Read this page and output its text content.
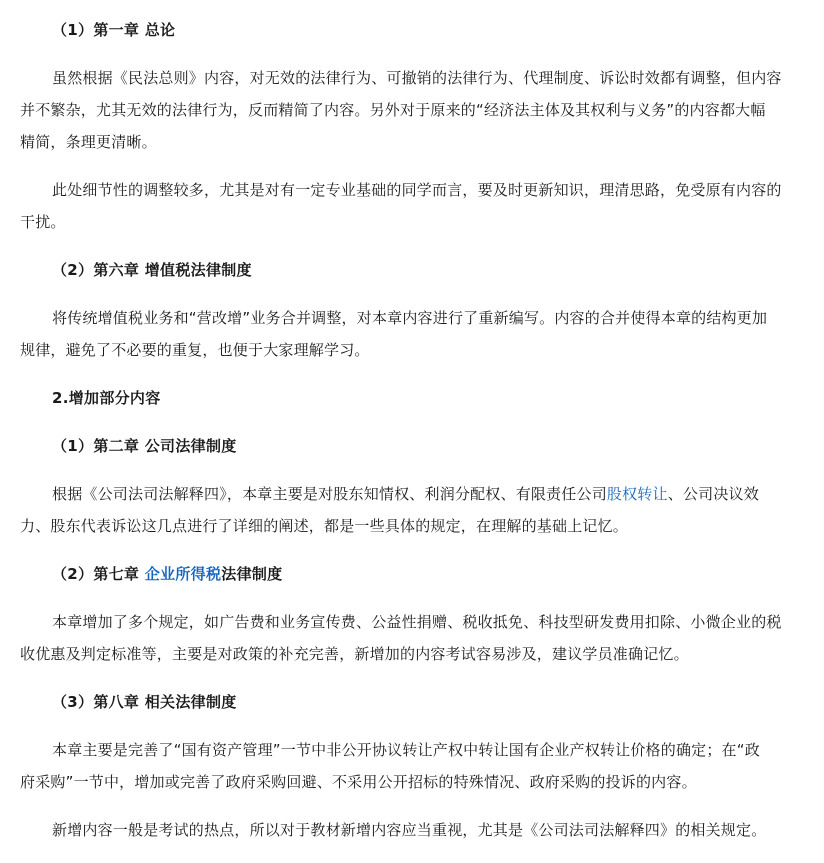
（1）第一章 总论
虽然根据《民法总则》内容，对无效的法律行为、可撤销的法律行为、代理制度、诉讼时效都有调整，但内容
并不繁杂，尤其无效的法律行为，反而精简了内容。另外对于原来的“经济法主体及其权利与义务”的内容都大幅
精简，条理更清晰。
此处细节性的调整较多，尤其是对有一定专业基础的同学而言，要及时更新知识，理清思路，免受原有内容的
干扰。
（2）第六章 增值税法律制度
将传统增值税业务和“营改增”业务合并调整，对本章内容进行了重新编写。内容的合并使得本章的结构更加
规律，避免了不必要的重复，也便于大家理解学习。
2.增加部分内容
（1）第二章 公司法律制度
根据《公司法司法解释四》，本章主要是对股东知情权、利润分配权、有限责任公司股权转让、公司决议效
力、股东代表诉讼这几点进行了详细的阐述，都是一些具体的规定，在理解的基础上记忆。
（2）第七章 企业所得税法律制度
本章增加了多个规定，如广告费和业务宣传费、公益性捐赠、税收抵免、科技型研发费用扣除、小微企业的税
收优惠及判定标准等，主要是对政策的补充完善，新增加的内容考试容易涉及，建议学员准确记忆。
（3）第八章 相关法律制度
本章主要是完善了“国有资产管理”一节中非公开协议转让产权中转让国有企业产权转让价格的确定；在“政
府采购”一节中，增加或完善了政府采购回避、不采用公开招标的特殊情况、政府采购的投诉的内容。
新增内容一般是考试的热点，所以对于教材新增内容应当重视，尤其是《公司法司法解释四》的相关规定。
